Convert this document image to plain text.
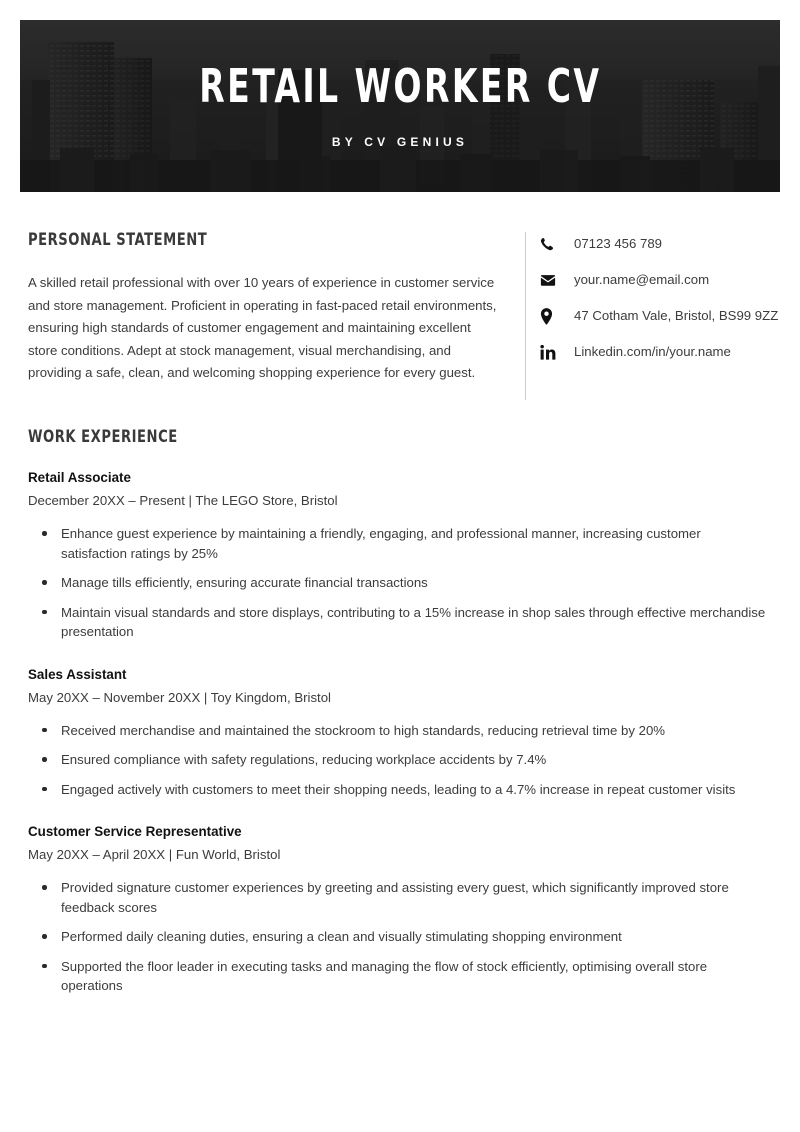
RETAIL WORKER CV
BY CV GENIUS
PERSONAL STATEMENT

A skilled retail professional with over 10 years of experience in customer service and store management. Proficient in operating in fast-paced retail environments, ensuring high standards of customer engagement and maintaining excellent store conditions. Adept at stock management, visual merchandising, and providing a safe, clean, and welcoming shopping experience for every guest.

07123 456 789
your.name@email.com
47 Cotham Vale, Bristol, BS99 9ZZ
Linkedin.com/in/your.name
WORK EXPERIENCE
Retail Associate
December 20XX – Present | The LEGO Store, Bristol
Enhance guest experience by maintaining a friendly, engaging, and professional manner, increasing customer satisfaction ratings by 25%
Manage tills efficiently, ensuring accurate financial transactions
Maintain visual standards and store displays, contributing to a 15% increase in shop sales through effective merchandise presentation
Sales Assistant
May 20XX – November 20XX | Toy Kingdom, Bristol
Received merchandise and maintained the stockroom to high standards, reducing retrieval time by 20%
Ensured compliance with safety regulations, reducing workplace accidents by 7.4%
Engaged actively with customers to meet their shopping needs, leading to a 4.7% increase in repeat customer visits
Customer Service Representative
May 20XX – April 20XX | Fun World, Bristol
Provided signature customer experiences by greeting and assisting every guest, which significantly improved store feedback scores
Performed daily cleaning duties, ensuring a clean and visually stimulating shopping environment
Supported the floor leader in executing tasks and managing the flow of stock efficiently, optimising overall store operations
